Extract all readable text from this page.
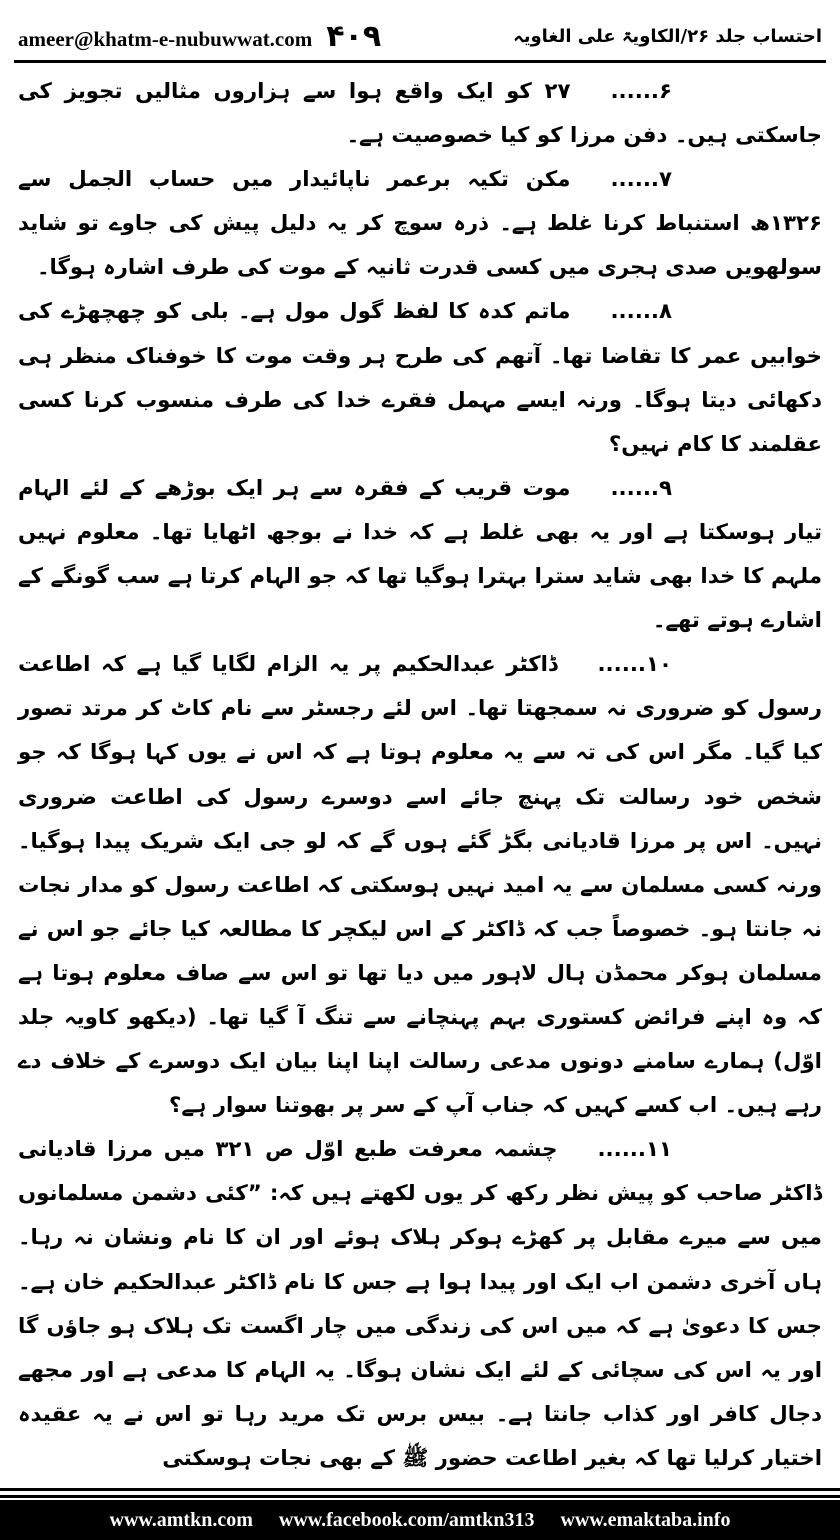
ameer@khatm-e-nubuwwat.com ۴۰۹	احتساب جلد ۲۶/الکاویۃ علی الغاویہ

۶......۲۷ کو ایک واقع ہوا سے ہزاروں مثالیں تجویز کی جاسکتی ہیں۔ دفن مرزا کو کیا خصوصیت ہے۔

۷......مکن تکیہ برعمر ناپائیدار میں حساب الجمل سے ۱۳۲۶ھ استنباط کرنا غلط ہے۔ ذرہ سوچ کر یہ دلیل پیش کی جاوے تو شاید سولھویں صدی ہجری میں کسی قدرت ثانیہ کے موت کی طرف اشارہ ہوگا۔

۸......ماتم کدہ کا لفظ گول مول ہے۔ بلی کو چھچھڑے کی خوابیں عمر کا تقاضا تھا۔ آتھم کی طرح ہر وقت موت کا خوفناک منظر ہی دکھائی دیتا ہوگا۔ ورنہ ایسے مہمل فقرے خدا کی طرف منسوب کرنا کسی عقلمند کا کام نہیں؟

۹......موت قریب کے فقرہ سے ہر ایک بوڑھے کے لئے الہام تیار ہوسکتا ہے اور یہ بھی غلط ہے کہ خدا نے بوجھ اٹھایا تھا۔ معلوم نہیں ملہم کا خدا بھی شاید سترا بہترا ہوگیا تھا کہ جو الہام کرتا ہے سب گونگے کے اشارے ہوتے تھے۔

۱۰......ڈاکٹر عبدالحکیم پر یہ الزام لگایا گیا ہے کہ اطاعت رسول کو ضروری نہ سمجھتا تھا۔ اس لئے رجسٹر سے نام کاٹ کر مرتد تصور کیا گیا۔ مگر اس کی تہ سے یہ معلوم ہوتا ہے کہ اس نے یوں کہا ہوگا کہ جو شخص خود رسالت تک پہنچ جائے اسے دوسرے رسول کی اطاعت ضروری نہیں۔ اس پر مرزا قادیانی بگڑ گئے ہوں گے کہ لو جی ایک شریک پیدا ہوگیا۔ ورنہ کسی مسلمان سے یہ امید نہیں ہوسکتی کہ اطاعت رسول کو مدار نجات نہ جانتا ہو۔ خصوصاً جب کہ ڈاکٹر کے اس لیکچر کا مطالعہ کیا جائے جو اس نے مسلمان ہوکر محمڈن ہال لاہور میں دیا تھا تو اس سے صاف معلوم ہوتا ہے کہ وہ اپنے فرائض کستوری بہم پہنچانے سے تنگ آ گیا تھا۔ (دیکھو کاویہ جلد اوّل) ہمارے سامنے دونوں مدعی رسالت اپنا اپنا بیان ایک دوسرے کے خلاف دے رہے ہیں۔ اب کسے کہیں کہ جناب آپ کے سر پر بھوتنا سوار ہے؟

۱۱......چشمہ معرفت طبع اوّل ص ۳۲۱ میں مرزا قادیانی ڈاکٹر صاحب کو پیش نظر رکھ کر یوں لکھتے ہیں کہ: ”کئی دشمن مسلمانوں میں سے میرے مقابل پر کھڑے ہوکر ہلاک ہوئے اور ان کا نام ونشان نہ رہا۔ ہاں آخری دشمن اب ایک اور پیدا ہوا ہے جس کا نام ڈاکٹر عبدالحکیم خان ہے۔ جس کا دعویٰ ہے کہ میں اس کی زندگی میں چار اگست تک ہلاک ہو جاؤں گا اور یہ اس کی سچائی کے لئے ایک نشان ہوگا۔ یہ الہام کا مدعی ہے اور مجھے دجال کافر اور کذاب جانتا ہے۔ بیس برس تک مرید رہا تو اس نے یہ عقیدہ اختیار کرلیا تھا کہ بغیر اطاعت حضور ﷺ کے بھی نجات ہوسکتی

www.amtkn.com www.facebook.com/amtkn313 www.emaktaba.info
